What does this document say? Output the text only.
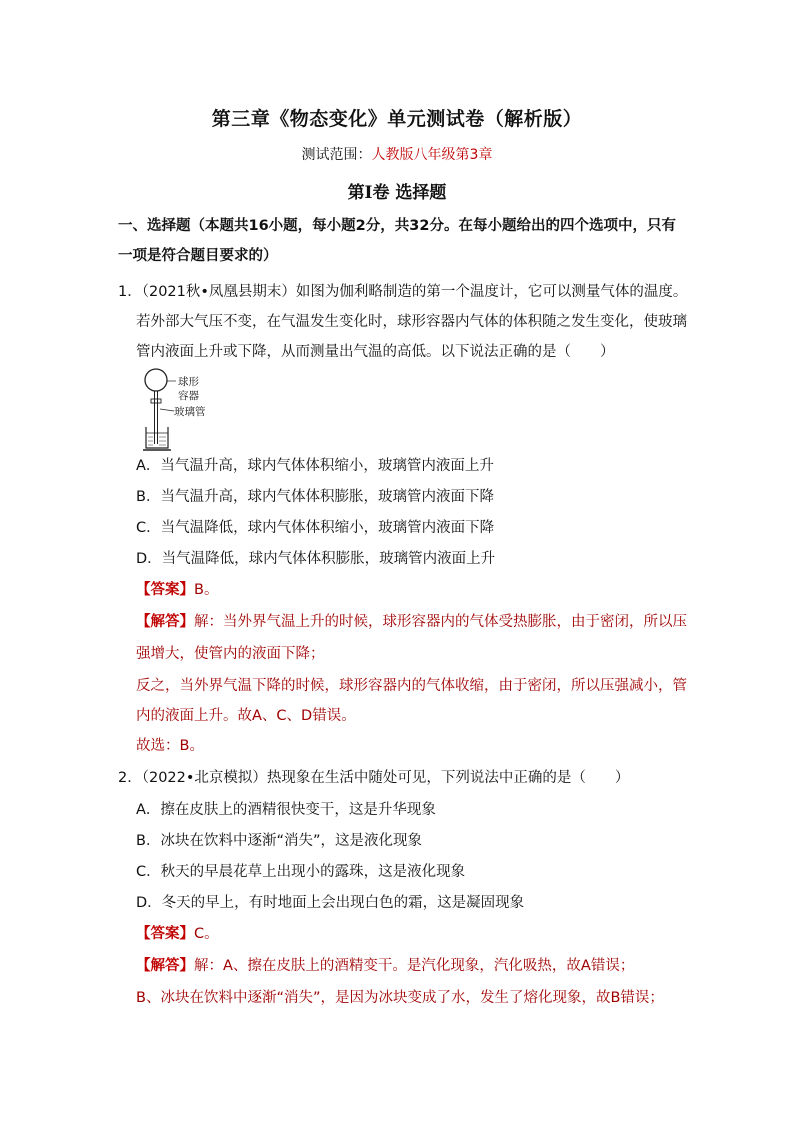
第三章《物态变化》单元测试卷（解析版）
测试范围：人教版八年级第3章
第Ⅰ卷 选择题
一、选择题（本题共16小题，每小题2分，共32分。在每小题给出的四个选项中，只有
一项是符合题目要求的）
1．（2021秋•凤凰县期末）如图为伽利略制造的第一个温度计，它可以测量气体的温度。
若外部大气压不变，在气温发生变化时，球形容器内气体的体积随之发生变化，使玻璃
管内液面上升或下降，从而测量出气温的高低。以下说法正确的是（　　）
球形
容器
玻璃管
A．当气温升高，球内气体体积缩小，玻璃管内液面上升
B．当气温升高，球内气体体积膨胀，玻璃管内液面下降
C．当气温降低，球内气体体积缩小，玻璃管内液面下降
D．当气温降低，球内气体体积膨胀，玻璃管内液面上升
【答案】B。
【解答】解：当外界气温上升的时候，球形容器内的气体受热膨胀，由于密闭，所以压
强增大，使管内的液面下降；
反之，当外界气温下降的时候，球形容器内的气体收缩，由于密闭，所以压强减小，管
内的液面上升。故A、C、D错误。
故选：B。
2．（2022•北京模拟）热现象在生活中随处可见，下列说法中正确的是（　　）
A．擦在皮肤上的酒精很快变干，这是升华现象
B．冰块在饮料中逐渐“消失”，这是液化现象
C．秋天的早晨花草上出现小的露珠，这是液化现象
D．冬天的早上，有时地面上会出现白色的霜，这是凝固现象
【答案】C。
【解答】解：A、擦在皮肤上的酒精变干。是汽化现象，汽化吸热，故A错误；
B、冰块在饮料中逐渐“消失”，是因为冰块变成了水，发生了熔化现象，故B错误；
